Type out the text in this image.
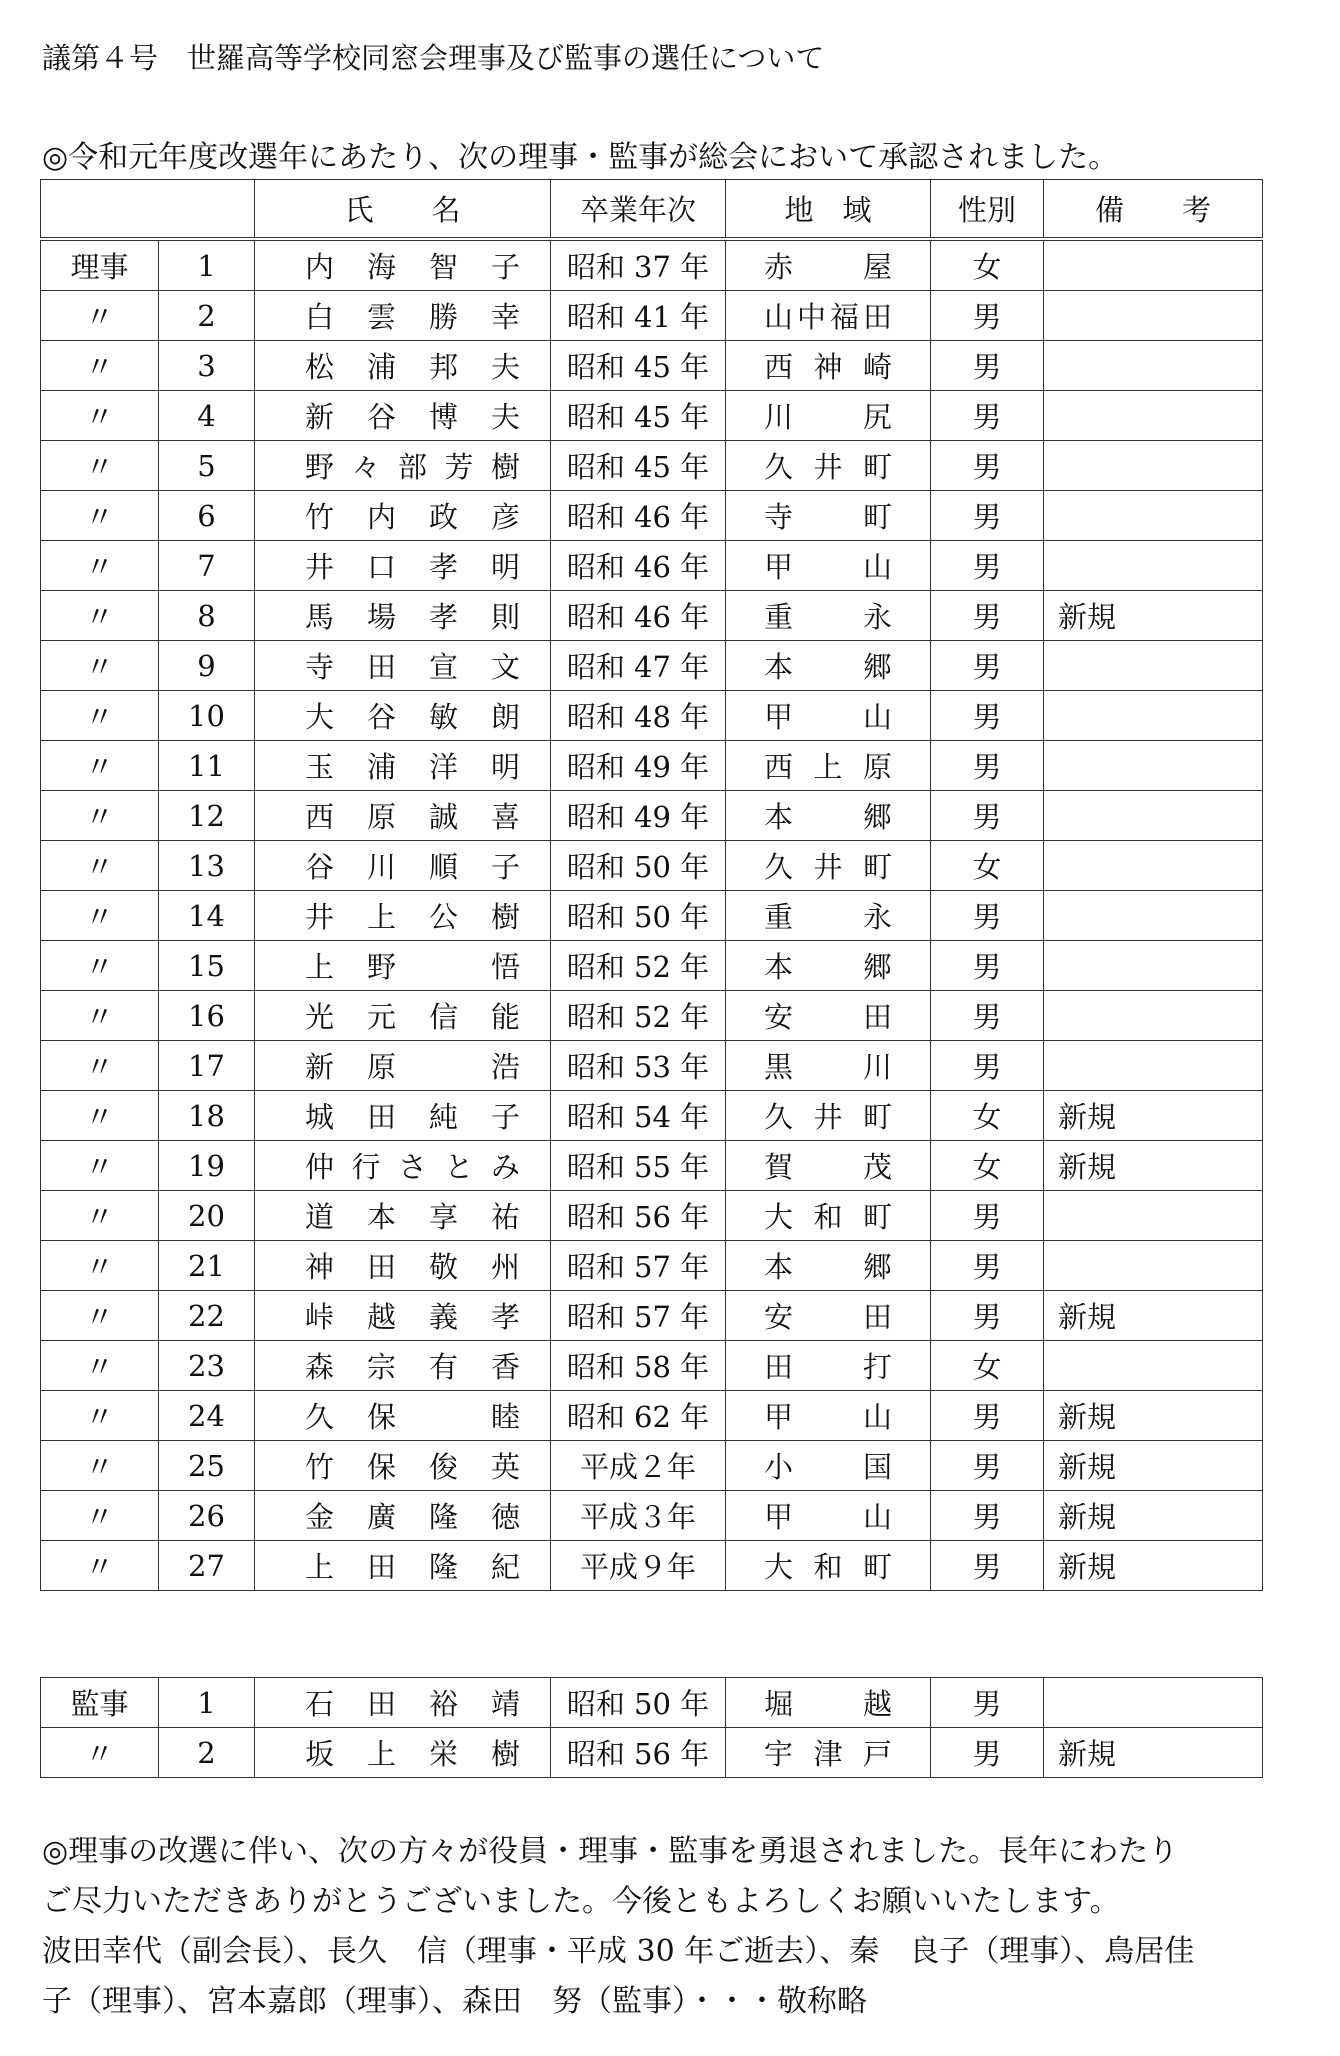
議第４号　世羅高等学校同窓会理事及び監事の選任について
◎令和元年度改選年にあたり、次の理事・監事が総会において承認されました。
		氏　　名	卒業年次	地　域	性別	備　　考
理事	1	内海智子	昭和 37 年	赤屋	女	
〃	2	白雲勝幸	昭和 41 年	山中福田	男	
〃	3	松浦邦夫	昭和 45 年	西神崎	男	
〃	4	新谷博夫	昭和 45 年	川尻	男	
〃	5	野々部芳樹	昭和 45 年	久井町	男	
〃	6	竹内政彦	昭和 46 年	寺町	男	
〃	7	井口孝明	昭和 46 年	甲山	男	
〃	8	馬場孝則	昭和 46 年	重永	男	新規
〃	9	寺田宣文	昭和 47 年	本郷	男	
〃	10	大谷敏朗	昭和 48 年	甲山	男	
〃	11	玉浦洋明	昭和 49 年	西上原	男	
〃	12	西原誠喜	昭和 49 年	本郷	男	
〃	13	谷川順子	昭和 50 年	久井町	女	
〃	14	井上公樹	昭和 50 年	重永	男	
〃	15	上野　悟	昭和 52 年	本郷	男	
〃	16	光元信能	昭和 52 年	安田	男	
〃	17	新原　浩	昭和 53 年	黒川	男	
〃	18	城田純子	昭和 54 年	久井町	女	新規
〃	19	仲行さとみ	昭和 55 年	賀茂	女	新規
〃	20	道本享祐	昭和 56 年	大和町	男	
〃	21	神田敬州	昭和 57 年	本郷	男	
〃	22	峠越義孝	昭和 57 年	安田	男	新規
〃	23	森宗有香	昭和 58 年	田打	女	
〃	24	久保　睦	昭和 62 年	甲山	男	新規
〃	25	竹保俊英	平成２年	小国	男	新規
〃	26	金廣隆徳	平成３年	甲山	男	新規
〃	27	上田隆紀	平成９年	大和町	男	新規
監事	1	石田裕靖	昭和 50 年	堀越	男	
〃	2	坂上栄樹	昭和 56 年	宇津戸	男	新規

◎理事の改選に伴い、次の方々が役員・理事・監事を勇退されました。長年にわたり

ご尽力いただきありがとうございました。今後ともよろしくお願いいたします。

波田幸代（副会長）、長久　信（理事・平成 30 年ご逝去）、秦　良子（理事）、鳥居佳

子（理事）、宮本嘉郎（理事）、森田　努（監事）・・・敬称略
